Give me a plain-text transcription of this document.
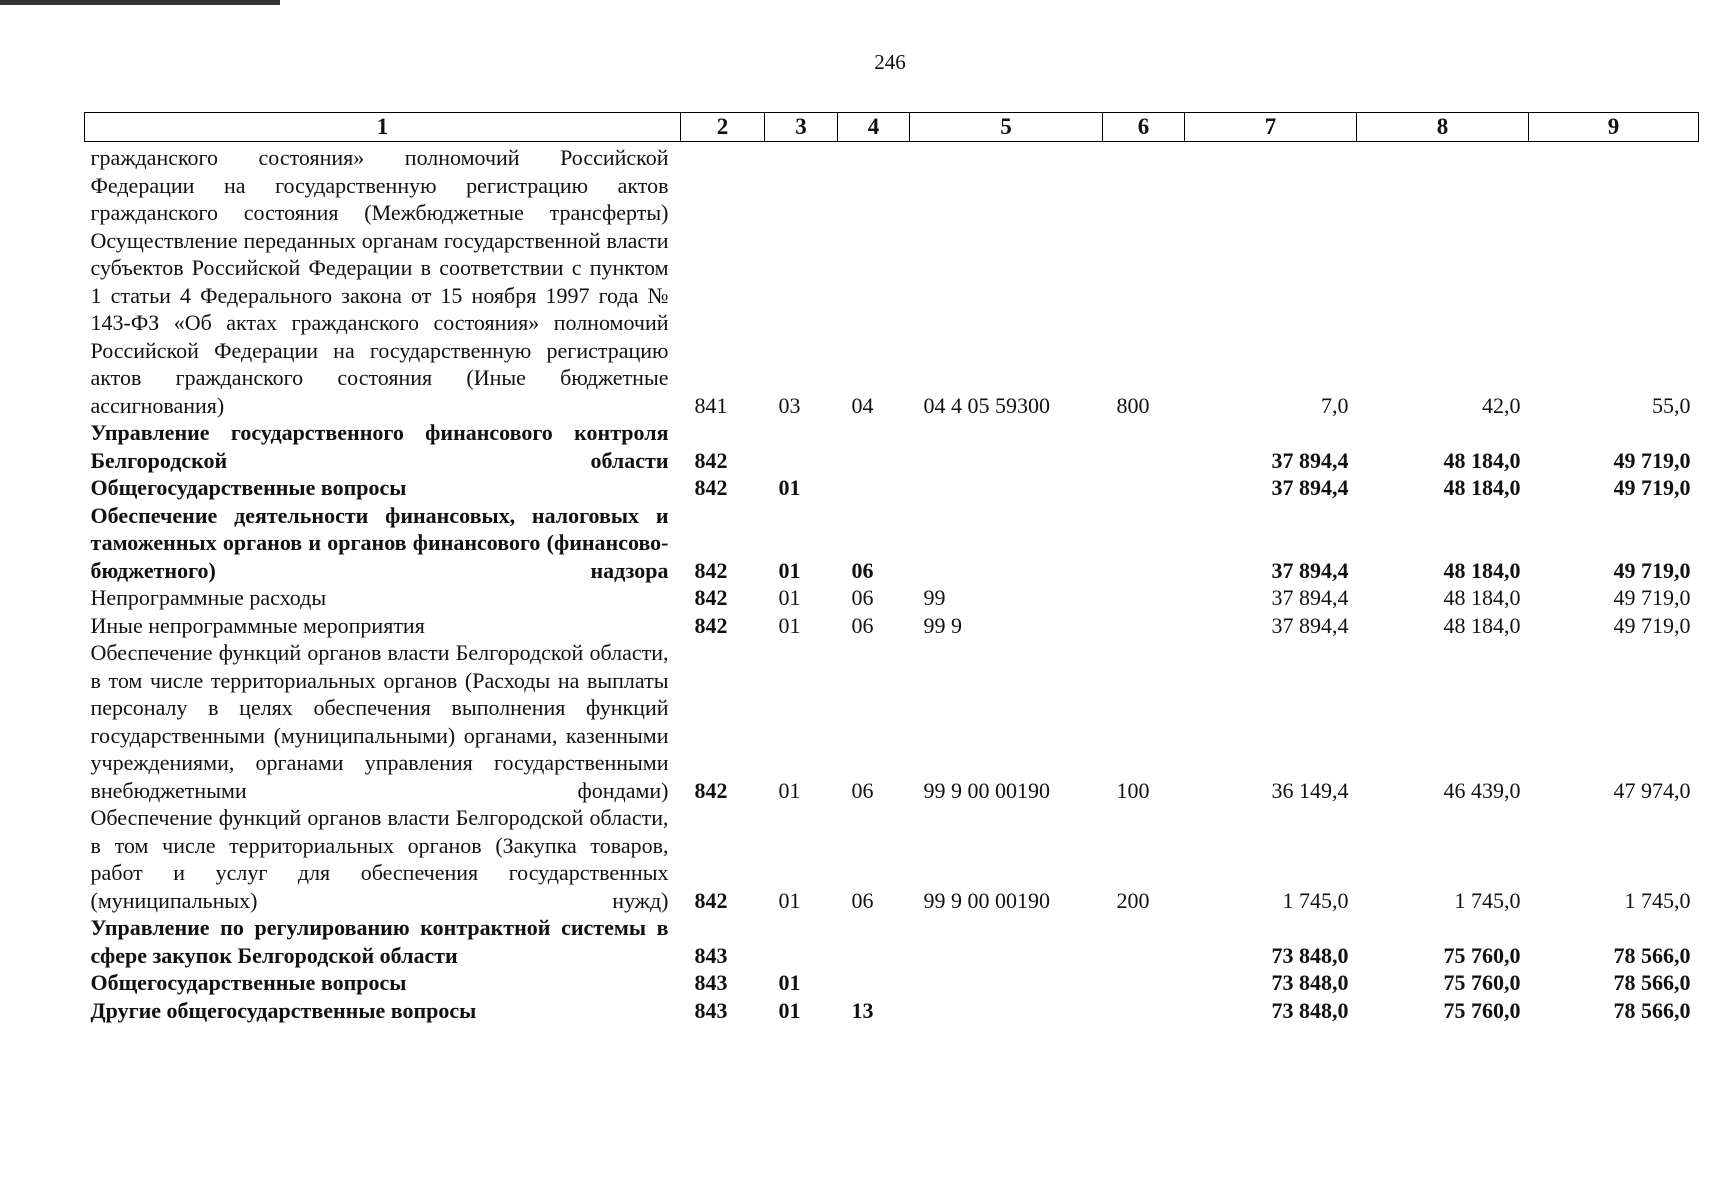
246
1	2	3	4	5	6	7	8	9
гражданского состояния» полномочий Российской Федерации на государственную регистрацию актов гражданского состояния (Межбюджетные трансферты)								
Осуществление переданных органам государственной власти субъектов Российской Федерации в соответствии с пунктом 1 статьи 4 Федерального закона от 15 ноября 1997 года № 143-ФЗ «Об актах гражданского состояния» полномочий Российской Федерации на государственную регистрацию актов гражданского состояния (Иные бюджетные ассигнования)	841	03	04	04 4 05 59300	800	7,0	42,0	55,0
Управление государственного финансового контроля Белгородской области	842					37 894,4	48 184,0	49 719,0
Общегосударственные вопросы	842	01				37 894,4	48 184,0	49 719,0
Обеспечение деятельности финансовых, налоговых и таможенных органов и органов финансового (финансово-бюджетного) надзора	842	01	06			37 894,4	48 184,0	49 719,0
Непрограммные расходы	842	01	06	99		37 894,4	48 184,0	49 719,0
Иные непрограммные мероприятия	842	01	06	99 9		37 894,4	48 184,0	49 719,0
Обеспечение функций органов власти Белгородской области, в том числе территориальных органов (Расходы на выплаты персоналу в целях обеспечения выполнения функций государственными (муниципальными) органами, казенными учреждениями, органами управления государственными внебюджетными фондами)	842	01	06	99 9 00 00190	100	36 149,4	46 439,0	47 974,0
Обеспечение функций органов власти Белгородской области, в том числе территориальных органов (Закупка товаров, работ и услуг для обеспечения государственных (муниципальных) нужд)	842	01	06	99 9 00 00190	200	1 745,0	1 745,0	1 745,0
Управление по регулированию контрактной системы в сфере закупок Белгородской области	843					73 848,0	75 760,0	78 566,0
Общегосударственные вопросы	843	01				73 848,0	75 760,0	78 566,0
Другие общегосударственные вопросы	843	01	13			73 848,0	75 760,0	78 566,0
